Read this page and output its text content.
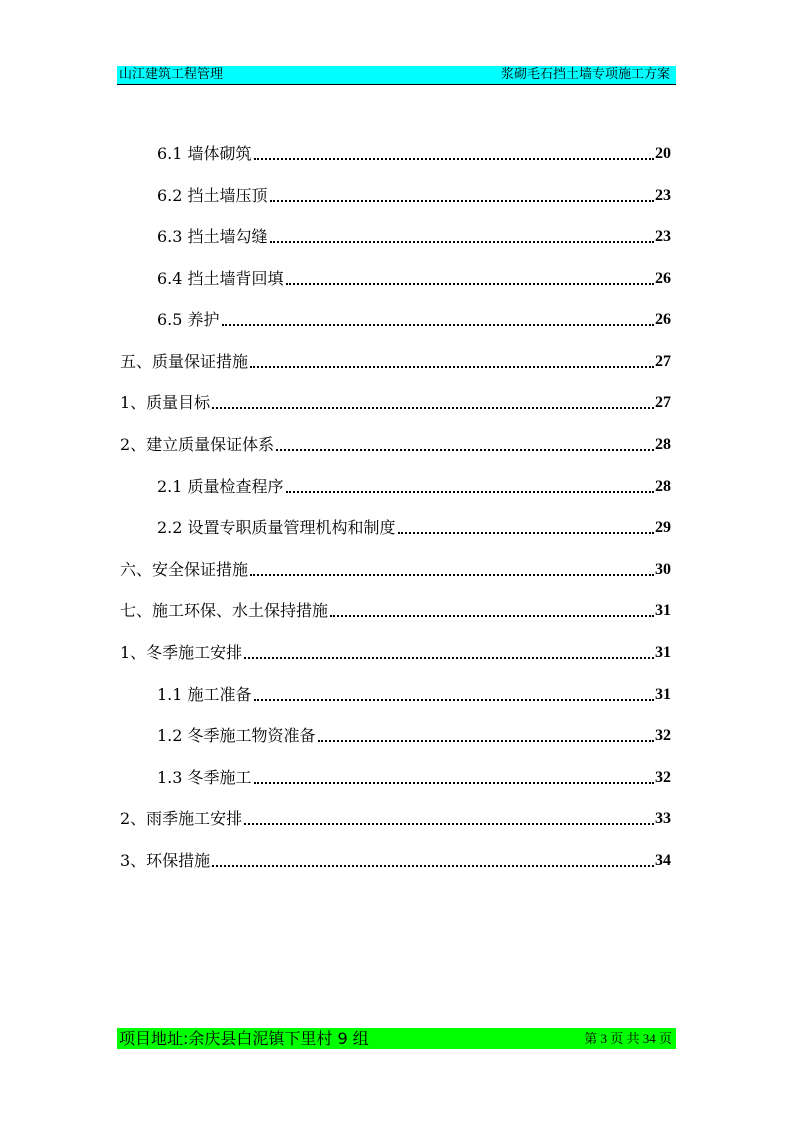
山江建筑工程管理	浆砌毛石挡土墙专项施工方案
6.1 墙体砌筑	20
6.2 挡土墙压顶	23
6.3 挡土墙勾缝	23
6.4 挡土墙背回填	26
6.5 养护	26
五、质量保证措施	27
1、质量目标	27
2、建立质量保证体系	28
2.1 质量检查程序	28
2.2 设置专职质量管理机构和制度	29
六、安全保证措施	30
七、施工环保、水土保持措施	31
1、冬季施工安排	31
1.1 施工准备	31
1.2 冬季施工物资准备	32
1.3 冬季施工	32
2、雨季施工安排	33
3、环保措施	34
项目地址:余庆县白泥镇下里村 9 组	第 3 页 共 34 页
